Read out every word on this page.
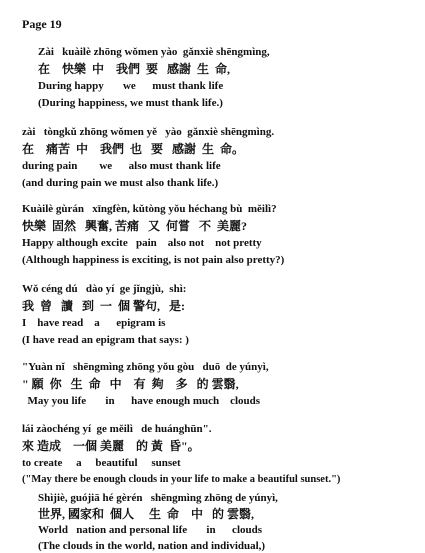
Page 19
Zài   kuàilè zhōng wǒmen yào  gǎnxiè shēngmìng,
在    快樂  中    我們  要   感謝  生  命,
During happy       we      must thank life
(During happiness, we must thank life.)
zài   tòngkǔ zhōng wǒmen yě   yào  gǎnxiè shēngmìng.
在    痛苦  中    我們  也   要   感謝  生  命。
during pain        we      also must thank life
(and during pain we must also thank life.)
Kuàilè gùrán   xīngfèn, kǔtòng yǒu héchang bù  měilì?
快樂  固然   興奮, 苦痛   又  何嘗   不  美麗?
Happy although excite   pain    also not    not pretty
(Although happiness is exciting, is not pain also pretty?)
Wǒ céng dú   dào yí  ge jǐngjù,  shì:
我  曾   讀   到  一  個 警句,   是:
I    have read    a      epigram is
(I have read an epigram that says: )
"Yuàn nǐ   shēngmìng zhōng yǒu gòu   duō  de yúnyì,
" 願  你   生  命   中    有  夠    多   的 雲翳,
May you life       in      have enough much    clouds
lái zàochéng yí  ge měilì   de huánghūn".
來 造成    一個 美麗    的 黃  昏"。
to create     a     beautiful     sunset
("May there be enough clouds in your life to make a beautiful sunset.")
Shìjiè, guójiā hé gèrén   shēngmìng zhōng de yúnyì,
世界, 國家和  個人     生  命    中   的 雲翳,
World   nation and personal life       in      clouds
(The clouds in the world, nation and individual,)
